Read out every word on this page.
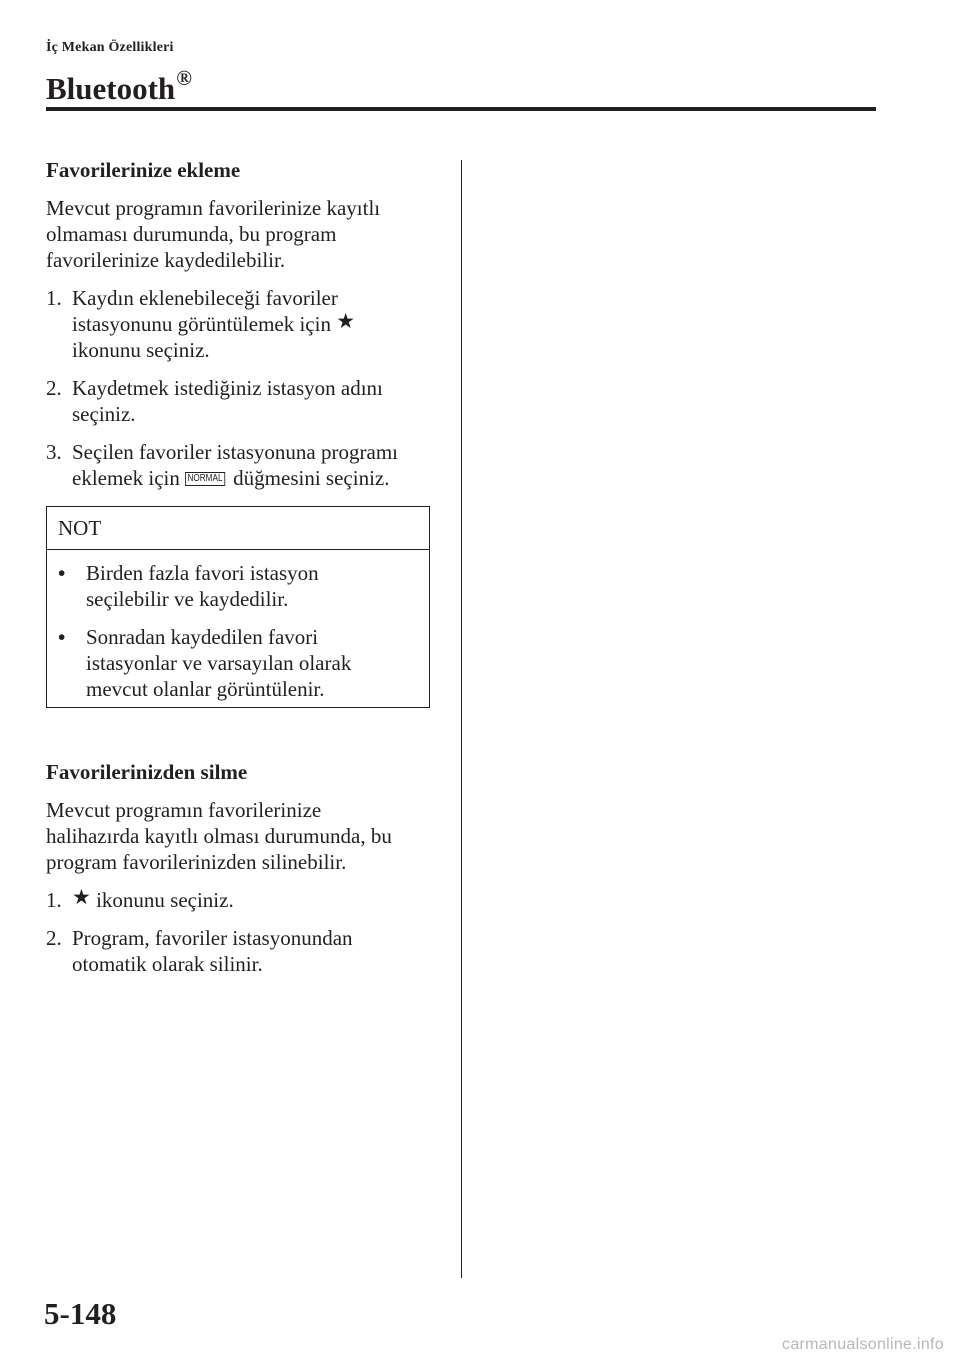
İç Mekan Özellikleri
Bluetooth®
Favorilerinize ekleme
Mevcut programın favorilerinize kayıtlı
olmaması durumunda, bu program
favorilerinize kaydedilebilir.
1. Kaydın eklenebileceği favoriler
istasyonunu görüntülemek için ★
ikonunu seçiniz.
2. Kaydetmek istediğiniz istasyon adını
seçiniz.
3. Seçilen favoriler istasyonuna programı
eklemek için NORMAL düğmesini seçiniz.
NOT
• Birden fazla favori istasyon
seçilebilir ve kaydedilir.
• Sonradan kaydedilen favori
istasyonlar ve varsayılan olarak
mevcut olanlar görüntülenir.
Favorilerinizden silme
Mevcut programın favorilerinize
halihazırda kayıtlı olması durumunda, bu
program favorilerinizden silinebilir.
1. ★ ikonunu seçiniz.
2. Program, favoriler istasyonundan
otomatik olarak silinir.
5-148
carmanualsonline.info
